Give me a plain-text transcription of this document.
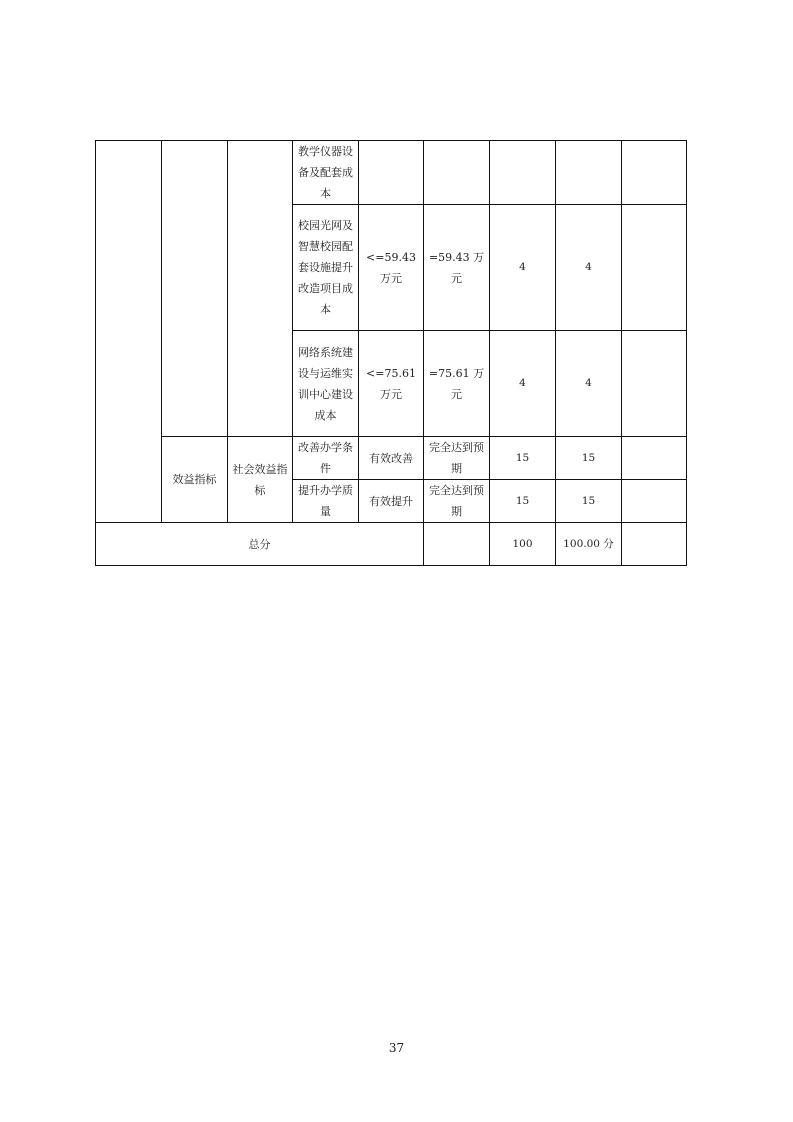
			教学仪器设备及配套成本					
			校园光网及智慧校园配套设施提升改造项目成本	<=59.43 万元	=59.43 万元	4	4	
			网络系统建设与运维实训中心建设成本	<=75.61 万元	=75.61 万元	4	4	
	效益指标	社会效益指标	改善办学条件	有效改善	完全达到预期	15	15	
			提升办学质量	有效提升	完全达到预期	15	15	
总分						100	100.00 分	
37
